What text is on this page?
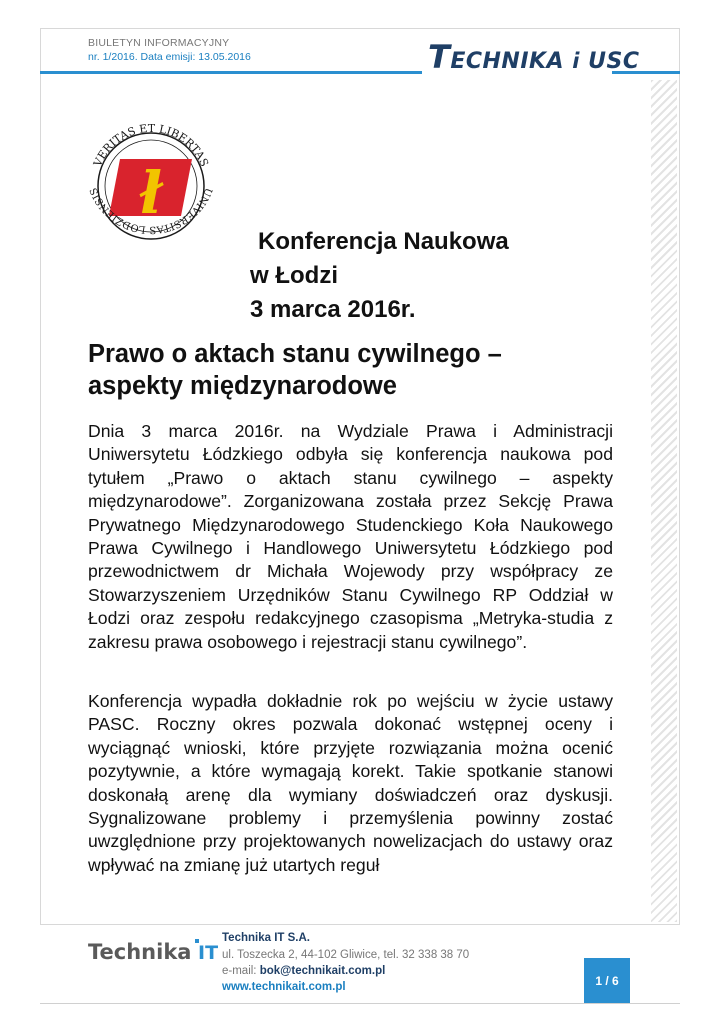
BIULETYN INFORMACYJNY
nr. 1/2016. Data emisji: 13.05.2016	TECHNIKA i USC
ł
VERITAS ET LIBERTAS
UNIVERSITAS LODZIENSIS
Konferencja Naukowa
w Łodzi
3 marca 2016r.
Prawo o aktach stanu cywilnego –
aspekty międzynarodowe
Dnia 3 marca 2016r. na Wydziale Prawa i Administracji Uniwersytetu Łódzkiego odbyła się konferencja naukowa pod tytułem „Prawo o aktach stanu cywilnego – aspekty międzynarodowe”. Zorganizowana została przez Sekcję Prawa Prywatnego Międzynarodowego Studenckiego Koła Naukowego Prawa Cywilnego i Handlowego Uniwersytetu Łódzkiego pod przewodnictwem dr Michała Wojewody przy współpracy ze Stowarzyszeniem Urzędników Stanu Cywilnego RP Oddział w Łodzi oraz zespołu redakcyjnego czasopisma „Metryka-studia z zakresu prawa osobowego i rejestracji stanu cywilnego”.
Konferencja wypadła dokładnie rok po wejściu w życie ustawy PASC. Roczny okres pozwala dokonać wstępnej oceny i wyciągnąć wnioski, które przyjęte rozwiązania można ocenić pozytywnie, a które wymagają korekt. Takie spotkanie stanowi doskonałą arenę dla wymiany doświadczeń oraz dyskusji. Sygnalizowane problemy i przemyślenia powinny zostać uwzględnione przy projektowanych nowelizacjach do ustawy oraz wpływać na zmianę już utartych reguł
Technika IT
Technika IT S.A.
ul. Toszecka 2, 44-102 Gliwice, tel. 32 338 38 70
e-mail: bok@technikait.com.pl
www.technikait.com.pl	1 / 6
